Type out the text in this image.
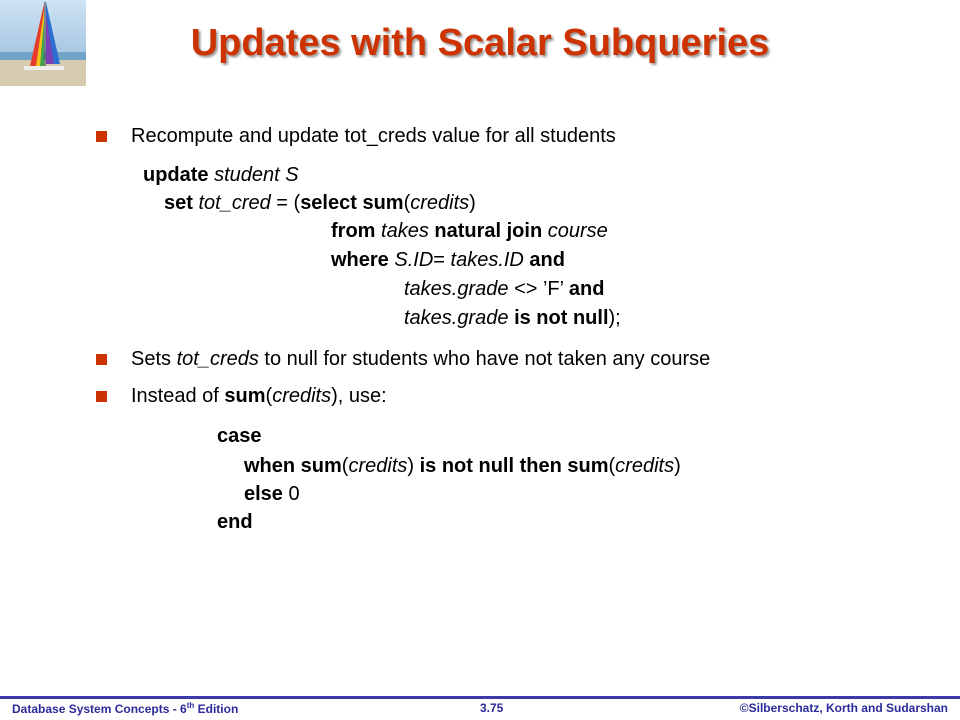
Updates with Scalar Subqueries
Recompute and update tot_creds value for all students
update student S
set tot_cred = (select sum(credits)
from takes natural join course
where S.ID= takes.ID and
takes.grade <> ’F’ and
takes.grade is not null);
Sets tot_creds to null for students who have not taken any course
Instead of sum(credits), use:
case
when sum(credits) is not null then sum(credits)
else 0
end
Database System Concepts - 6th Edition	3.75	©Silberschatz, Korth and Sudarshan
